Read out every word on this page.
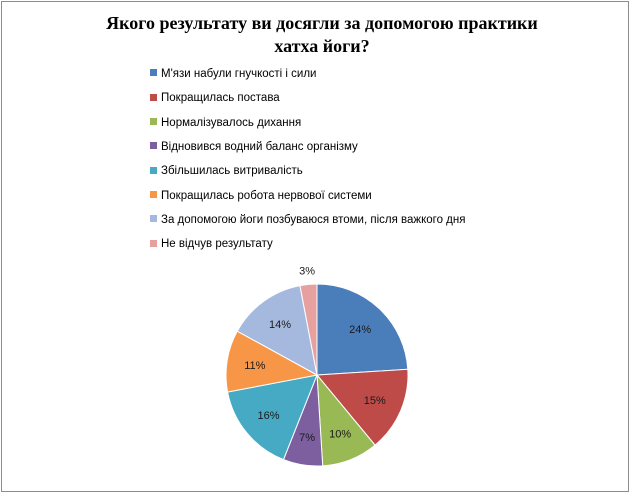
Якого результату ви досягли за допомогою практики
хатха йоги?
М'язи набули гнучкості і сили
Покращилась постава
Нормалізувалось дихання
Відновився водний баланс організму
Збільшилась витривалість
Покращилась робота нервової системи
За допомогою йоги позбуваюся втоми, після важкого дня
Не відчув результату
24%
15%
10%
7%
16%
11%
14%
3%
